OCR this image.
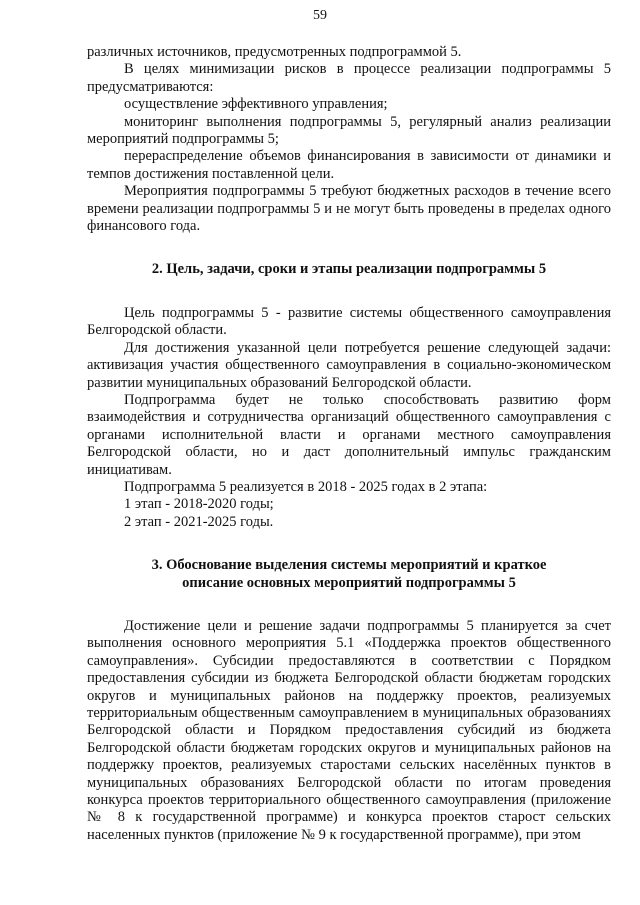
59

различных источников, предусмотренных подпрограммой 5.

В целях минимизации рисков в процессе реализации подпрограммы 5 предусматриваются:

осуществление эффективного управления;

мониторинг выполнения подпрограммы 5, регулярный анализ реализации мероприятий подпрограммы 5;

перераспределение объемов финансирования в зависимости от динамики и темпов достижения поставленной цели.

Мероприятия подпрограммы 5 требуют бюджетных расходов в течение всего времени реализации подпрограммы 5 и не могут быть проведены в пределах одного финансового года.

2. Цель, задачи, сроки и этапы реализации подпрограммы 5

Цель подпрограммы 5 - развитие системы общественного самоуправления Белгородской области.

Для достижения указанной цели потребуется решение следующей задачи: активизация участия общественного самоуправления в социально-экономическом развитии муниципальных образований Белгородской области.

Подпрограмма будет не только способствовать развитию форм взаимодействия и сотрудничества организаций общественного самоуправления с органами исполнительной власти и органами местного самоуправления Белгородской области, но и даст дополнительный импульс гражданским инициативам.

Подпрограмма 5 реализуется в 2018 - 2025 годах в 2 этапа:

1 этап - 2018-2020 годы;

2 этап - 2021-2025 годы.

3. Обоснование выделения системы мероприятий и краткое
описание основных мероприятий подпрограммы 5

Достижение цели и решение задачи подпрограммы 5 планируется за счет выполнения основного мероприятия 5.1 «Поддержка проектов общественного самоуправления». Субсидии предоставляются в соответствии с Порядком предоставления субсидии из бюджета Белгородской области бюджетам городских округов и муниципальных районов на поддержку проектов, реализуемых территориальным общественным самоуправлением в муниципальных образованиях Белгородской области и Порядком предоставления субсидий из бюджета Белгородской области бюджетам городских округов и муниципальных районов на поддержку проектов, реализуемых старостами сельских населённых пунктов в муниципальных образованиях Белгородской области по итогам проведения конкурса проектов территориального общественного самоуправления (приложение № 8 к государственной программе) и конкурса проектов старост сельских населенных пунктов (приложение № 9 к государственной программе), при этом
